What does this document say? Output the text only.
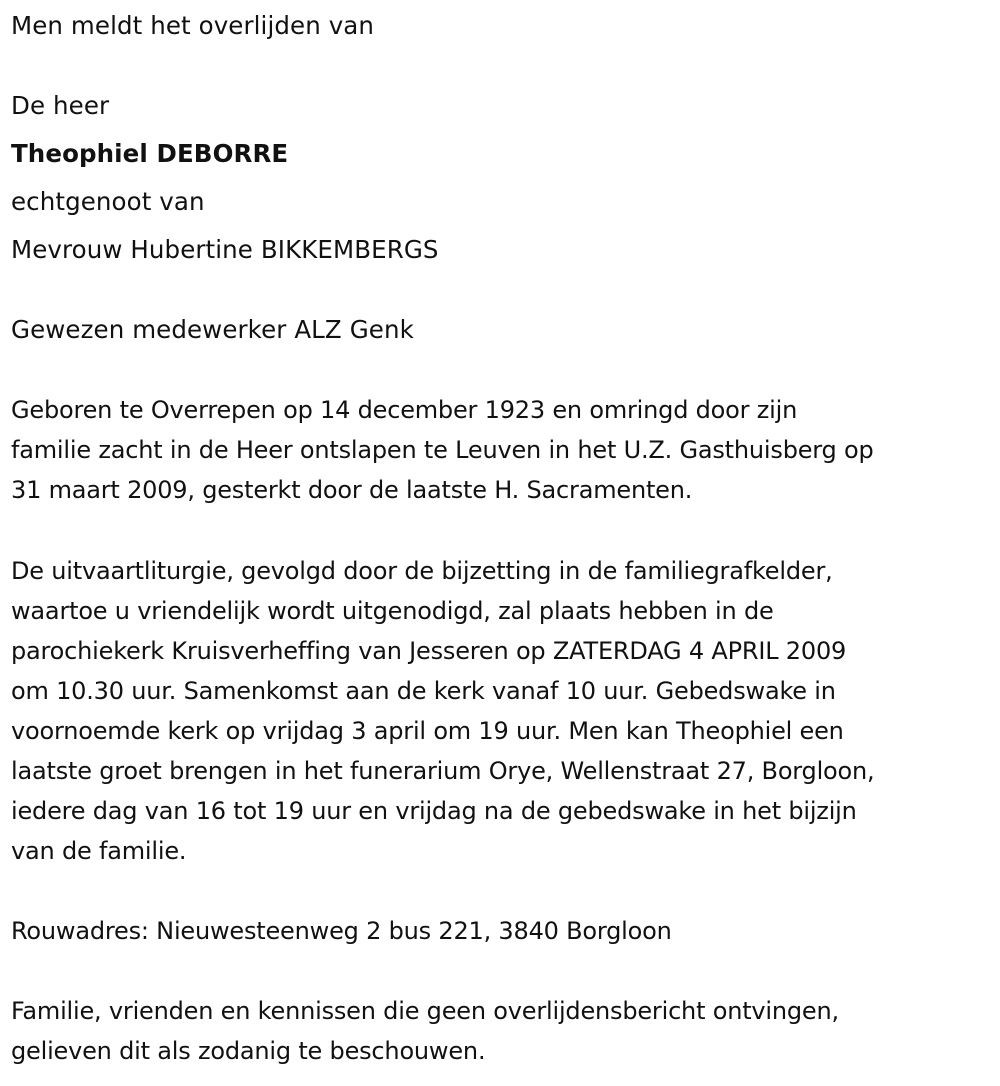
Men meldt het overlijden van
De heer
Theophiel DEBORRE
echtgenoot van
Mevrouw Hubertine BIKKEMBERGS
Gewezen medewerker ALZ Genk
Geboren te Overrepen op 14 december 1923 en omringd door zijn
familie zacht in de Heer ontslapen te Leuven in het U.Z. Gasthuisberg op
31 maart 2009, gesterkt door de laatste H. Sacramenten.
De uitvaartliturgie, gevolgd door de bijzetting in de familiegrafkelder,
waartoe u vriendelijk wordt uitgenodigd, zal plaats hebben in de
parochiekerk Kruisverheffing van Jesseren op ZATERDAG 4 APRIL 2009
om 10.30 uur. Samenkomst aan de kerk vanaf 10 uur. Gebedswake in
voornoemde kerk op vrijdag 3 april om 19 uur. Men kan Theophiel een
laatste groet brengen in het funerarium Orye, Wellenstraat 27, Borgloon,
iedere dag van 16 tot 19 uur en vrijdag na de gebedswake in het bijzijn
van de familie.
Rouwadres: Nieuwesteenweg 2 bus 221, 3840 Borgloon
Familie, vrienden en kennissen die geen overlijdensbericht ontvingen,
gelieven dit als zodanig te beschouwen.
